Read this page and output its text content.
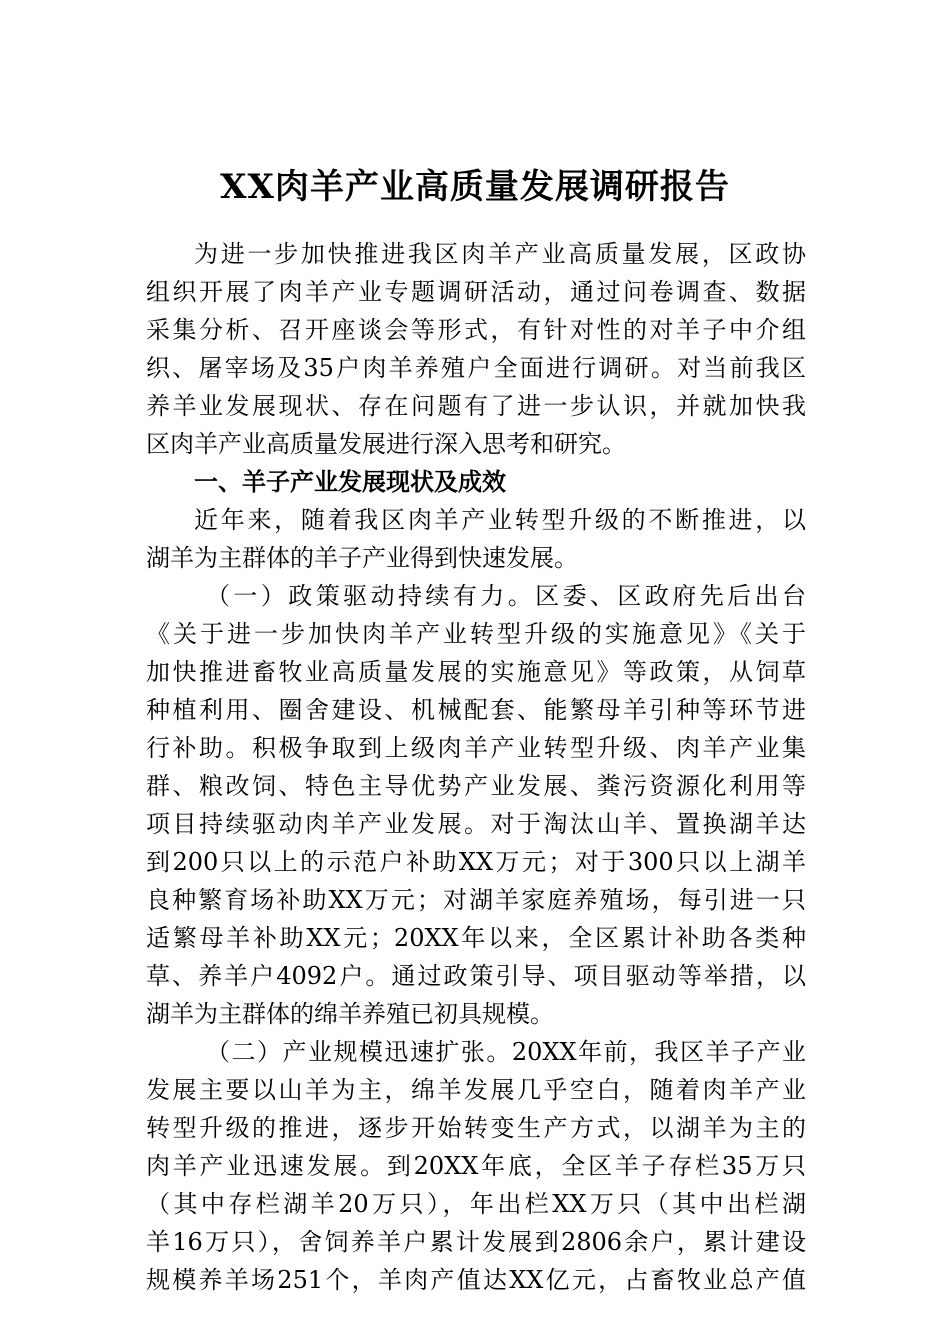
XX肉羊产业高质量发展调研报告
为进一步加快推进我区肉羊产业高质量发展，区政协
组织开展了肉羊产业专题调研活动，通过问卷调查、数据
采集分析、召开座谈会等形式，有针对性的对羊子中介组
织、屠宰场及35户肉羊养殖户全面进行调研。对当前我区
养羊业发展现状、存在问题有了进一步认识，并就加快我
区肉羊产业高质量发展进行深入思考和研究。
一、羊子产业发展现状及成效
近年来，随着我区肉羊产业转型升级的不断推进，以
湖羊为主群体的羊子产业得到快速发展。
（一）政策驱动持续有力。区委、区政府先后出台
《关于进一步加快肉羊产业转型升级的实施意见》《关于
加快推进畜牧业高质量发展的实施意见》等政策，从饲草
种植利用、圈舍建设、机械配套、能繁母羊引种等环节进
行补助。积极争取到上级肉羊产业转型升级、肉羊产业集
群、粮改饲、特色主导优势产业发展、粪污资源化利用等
项目持续驱动肉羊产业发展。对于淘汰山羊、置换湖羊达
到200只以上的示范户补助XX万元；对于300只以上湖羊
良种繁育场补助XX万元；对湖羊家庭养殖场，每引进一只
适繁母羊补助XX元；20XX年以来，全区累计补助各类种
草、养羊户4092户。通过政策引导、项目驱动等举措，以
湖羊为主群体的绵羊养殖已初具规模。
（二）产业规模迅速扩张。20XX年前，我区羊子产业
发展主要以山羊为主，绵羊发展几乎空白，随着肉羊产业
转型升级的推进，逐步开始转变生产方式，以湖羊为主的
肉羊产业迅速发展。到20XX年底，全区羊子存栏35万只
（其中存栏湖羊20万只），年出栏XX万只（其中出栏湖
羊16万只），舍饲养羊户累计发展到2806余户，累计建设
规模养羊场251个，羊肉产值达XX亿元，占畜牧业总产值
